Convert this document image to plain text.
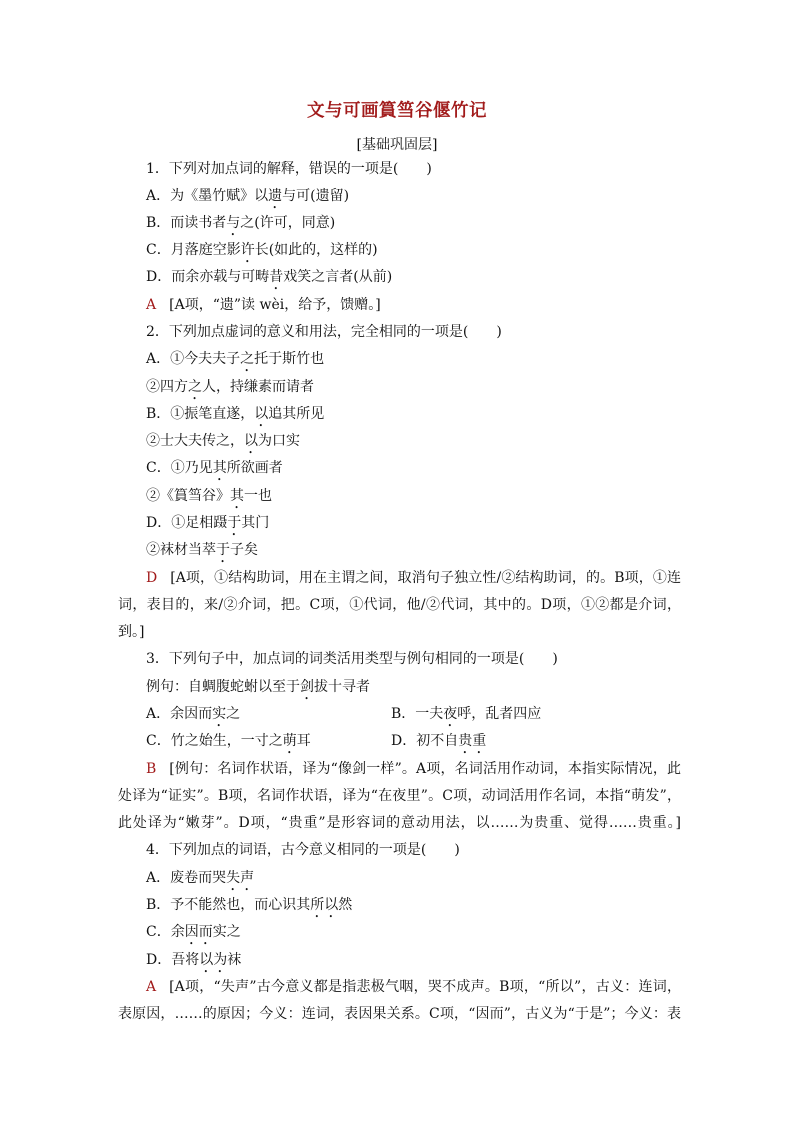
文与可画篔筜谷偃竹记
[基础巩固层]
1．下列对加点词的解释，错误的一项是(　　)
A．为《墨竹赋》以遗与可(遗留)
B．而读书者与之(许可，同意)
C．月落庭空影许长(如此的，这样的)
D．而余亦载与可畴昔戏笑之言者(从前)
A [A项，“遗”读 wèi，给予，馈赠。]
2．下列加点虚词的意义和用法，完全相同的一项是(　　)
A．①今夫夫子之托于斯竹也
②四方之人，持缣素而请者
B．①振笔直遂，以追其所见
②士大夫传之，以为口实
C．①乃见其所欲画者
②《篔筜谷》其一也
D．①足相蹑于其门
②袜材当萃于子矣
D [A项，①结构助词，用在主谓之间，取消句子独立性/②结构助词，的。B项，①连
词，表目的，来/②介词，把。C项，①代词，他/②代词，其中的。D项，①②都是介词，
到。]
3．下列句子中，加点词的词类活用类型与例句相同的一项是(　　)
例句：自蜩腹蛇蚹以至于剑拔十寻者
A．余因而实之	B．一夫夜呼，乱者四应
C．竹之始生，一寸之萌耳	D．初不自贵重
B [例句：名词作状语，译为“像剑一样”。A项，名词活用作动词，本指实际情况，此
处译为“证实”。B项，名词作状语，译为“在夜里”。C项，动词活用作名词，本指“萌发”，
此处译为“嫩芽”。D项，“贵重”是形容词的意动用法，以……为贵重、觉得……贵重。]
4．下列加点的词语，古今意义相同的一项是(　　)
A．废卷而哭失声
B．予不能然也，而心识其所以然
C．余因而实之
D．吾将以为袜
A [A项，“失声”古今意义都是指悲极气咽，哭不成声。B项，“所以”，古义：连词，
表原因，……的原因；今义：连词，表因果关系。C项，“因而”，古义为“于是”；今义：表
